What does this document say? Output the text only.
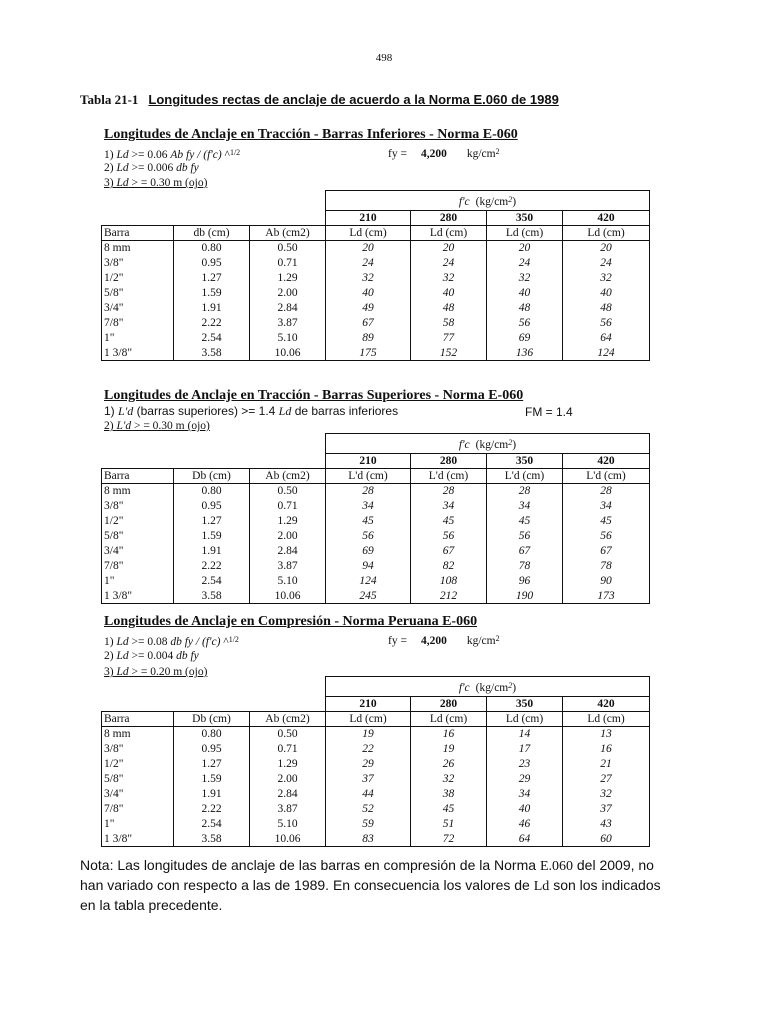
498
Tabla 21-1 Longitudes rectas de anclaje de acuerdo a la Norma E.060 de 1989
Longitudes de Anclaje en Tracción - Barras Inferiores - Norma E-060
1) Ld >= 0.06 Ab fy / (f'c) ^$^{1/2}$	fy = 4,200 $kg/cm^2$
2) Ld >= 0.006 db fy
3) Ld > = 0.30 m (ojo)
			f'c $(kg/cm^2)$			
			210	280	350	420
Barra	db (cm)	Ab (cm2)	Ld (cm)	Ld (cm)	Ld (cm)	Ld (cm)
8 mm	0.80	0.50	20	20	20	20
3/8"	0.95	0.71	24	24	24	24
1/2"	1.27	1.29	32	32	32	32
5/8"	1.59	2.00	40	40	40	40
3/4"	1.91	2.84	49	48	48	48
7/8"	2.22	3.87	67	58	56	56
1"	2.54	5.10	89	77	69	64
1 3/8"	3.58	10.06	175	152	136	124
Longitudes de Anclaje en Tracción - Barras Superiores - Norma E-060
1) L'd (barras superiores) >= 1.4 Ld de barras inferiores	FM = 1.4
2) L'd > = 0.30 m (ojo)
			f'c $(kg/cm^2)$			
			210	280	350	420
Barra	Db (cm)	Ab (cm2)	L'd (cm)	L'd (cm)	L'd (cm)	L'd (cm)
8 mm	0.80	0.50	28	28	28	28
3/8"	0.95	0.71	34	34	34	34
1/2"	1.27	1.29	45	45	45	45
5/8"	1.59	2.00	56	56	56	56
3/4"	1.91	2.84	69	67	67	67
7/8"	2.22	3.87	94	82	78	78
1"	2.54	5.10	124	108	96	90
1 3/8"	3.58	10.06	245	212	190	173
Longitudes de Anclaje en Compresión - Norma Peruana E-060
1) Ld >= 0.08 db fy / (f'c) ^$^{1/2}$	fy = 4,200 $kg/cm^2$
2) Ld >= 0.004 db fy
3) Ld > = 0.20 m (ojo)
			f'c $(kg/cm^2)$			
			210	280	350	420
Barra	Db (cm)	Ab (cm2)	Ld (cm)	Ld (cm)	Ld (cm)	Ld (cm)
8 mm	0.80	0.50	19	16	14	13
3/8"	0.95	0.71	22	19	17	16
1/2"	1.27	1.29	29	26	23	21
5/8"	1.59	2.00	37	32	29	27
3/4"	1.91	2.84	44	38	34	32
7/8"	2.22	3.87	52	45	40	37
1"	2.54	5.10	59	51	46	43
1 3/8"	3.58	10.06	83	72	64	60
Nota: Las longitudes de anclaje de las barras en compresión de la Norma E.060 del 2009, no han variado con respecto a las de 1989. En consecuencia los valores de Ld son los indicados en la tabla precedente.
